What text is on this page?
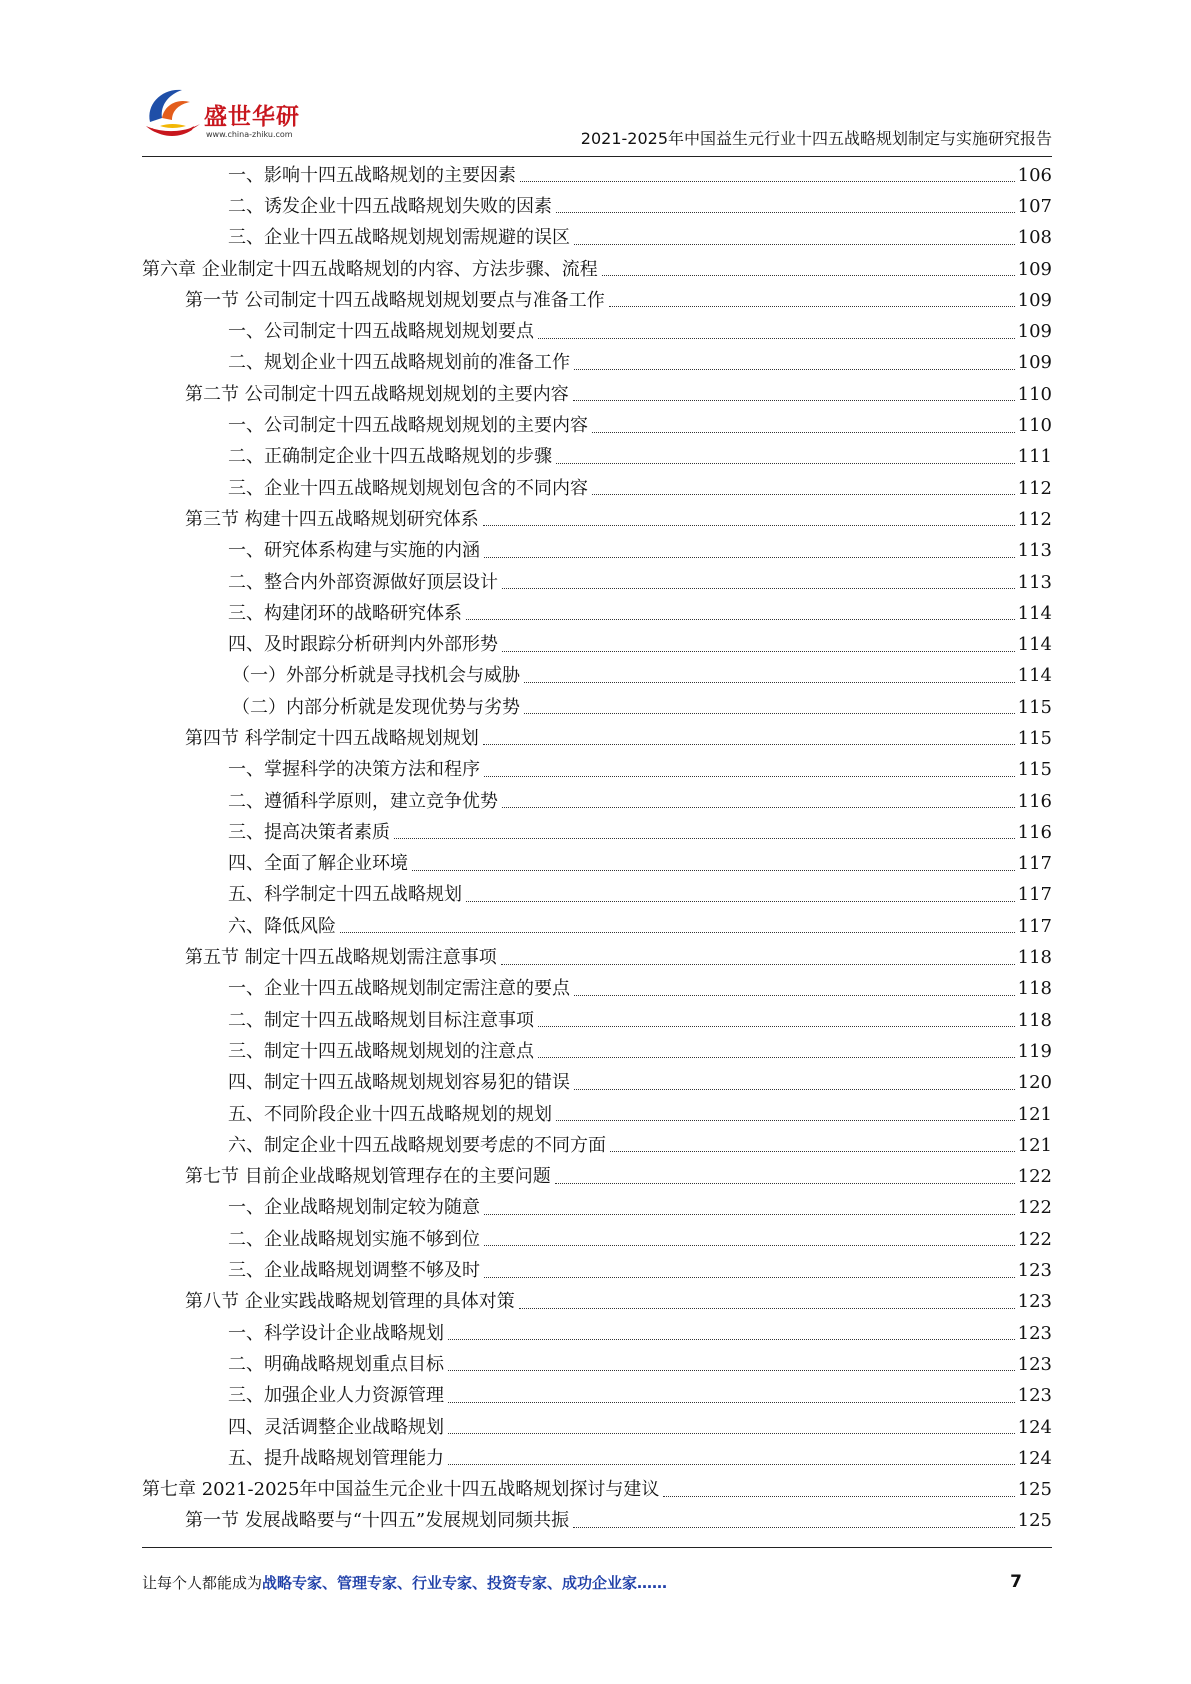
盛世华研
www.china-zhiku.com	2021-2025年中国益生元行业十四五战略规划制定与实施研究报告
一、影响十四五战略规划的主要因素	106
二、诱发企业十四五战略规划失败的因素	107
三、企业十四五战略规划规划需规避的误区	108
第六章 企业制定十四五战略规划的内容、方法步骤、流程	109
第一节 公司制定十四五战略规划规划要点与准备工作	109
一、公司制定十四五战略规划规划要点	109
二、规划企业十四五战略规划前的准备工作	109
第二节 公司制定十四五战略规划规划的主要内容	110
一、公司制定十四五战略规划规划的主要内容	110
二、正确制定企业十四五战略规划的步骤	111
三、企业十四五战略规划规划包含的不同内容	112
第三节 构建十四五战略规划研究体系	112
一、研究体系构建与实施的内涵	113
二、整合内外部资源做好顶层设计	113
三、构建闭环的战略研究体系	114
四、及时跟踪分析研判内外部形势	114
（一）外部分析就是寻找机会与威胁	114
（二）内部分析就是发现优势与劣势	115
第四节 科学制定十四五战略规划规划	115
一、掌握科学的决策方法和程序	115
二、遵循科学原则，建立竞争优势	116
三、提高决策者素质	116
四、全面了解企业环境	117
五、科学制定十四五战略规划	117
六、降低风险	117
第五节 制定十四五战略规划需注意事项	118
一、企业十四五战略规划制定需注意的要点	118
二、制定十四五战略规划目标注意事项	118
三、制定十四五战略规划规划的注意点	119
四、制定十四五战略规划规划容易犯的错误	120
五、不同阶段企业十四五战略规划的规划	121
六、制定企业十四五战略规划要考虑的不同方面	121
第七节 目前企业战略规划管理存在的主要问题	122
一、企业战略规划制定较为随意	122
二、企业战略规划实施不够到位	122
三、企业战略规划调整不够及时	123
第八节 企业实践战略规划管理的具体对策	123
一、科学设计企业战略规划	123
二、明确战略规划重点目标	123
三、加强企业人力资源管理	123
四、灵活调整企业战略规划	124
五、提升战略规划管理能力	124
第七章 2021-2025年中国益生元企业十四五战略规划探讨与建议	125
第一节 发展战略要与“十四五”发展规划同频共振	125
让每个人都能成为战略专家、管理专家、行业专家、投资专家、成功企业家……	7
